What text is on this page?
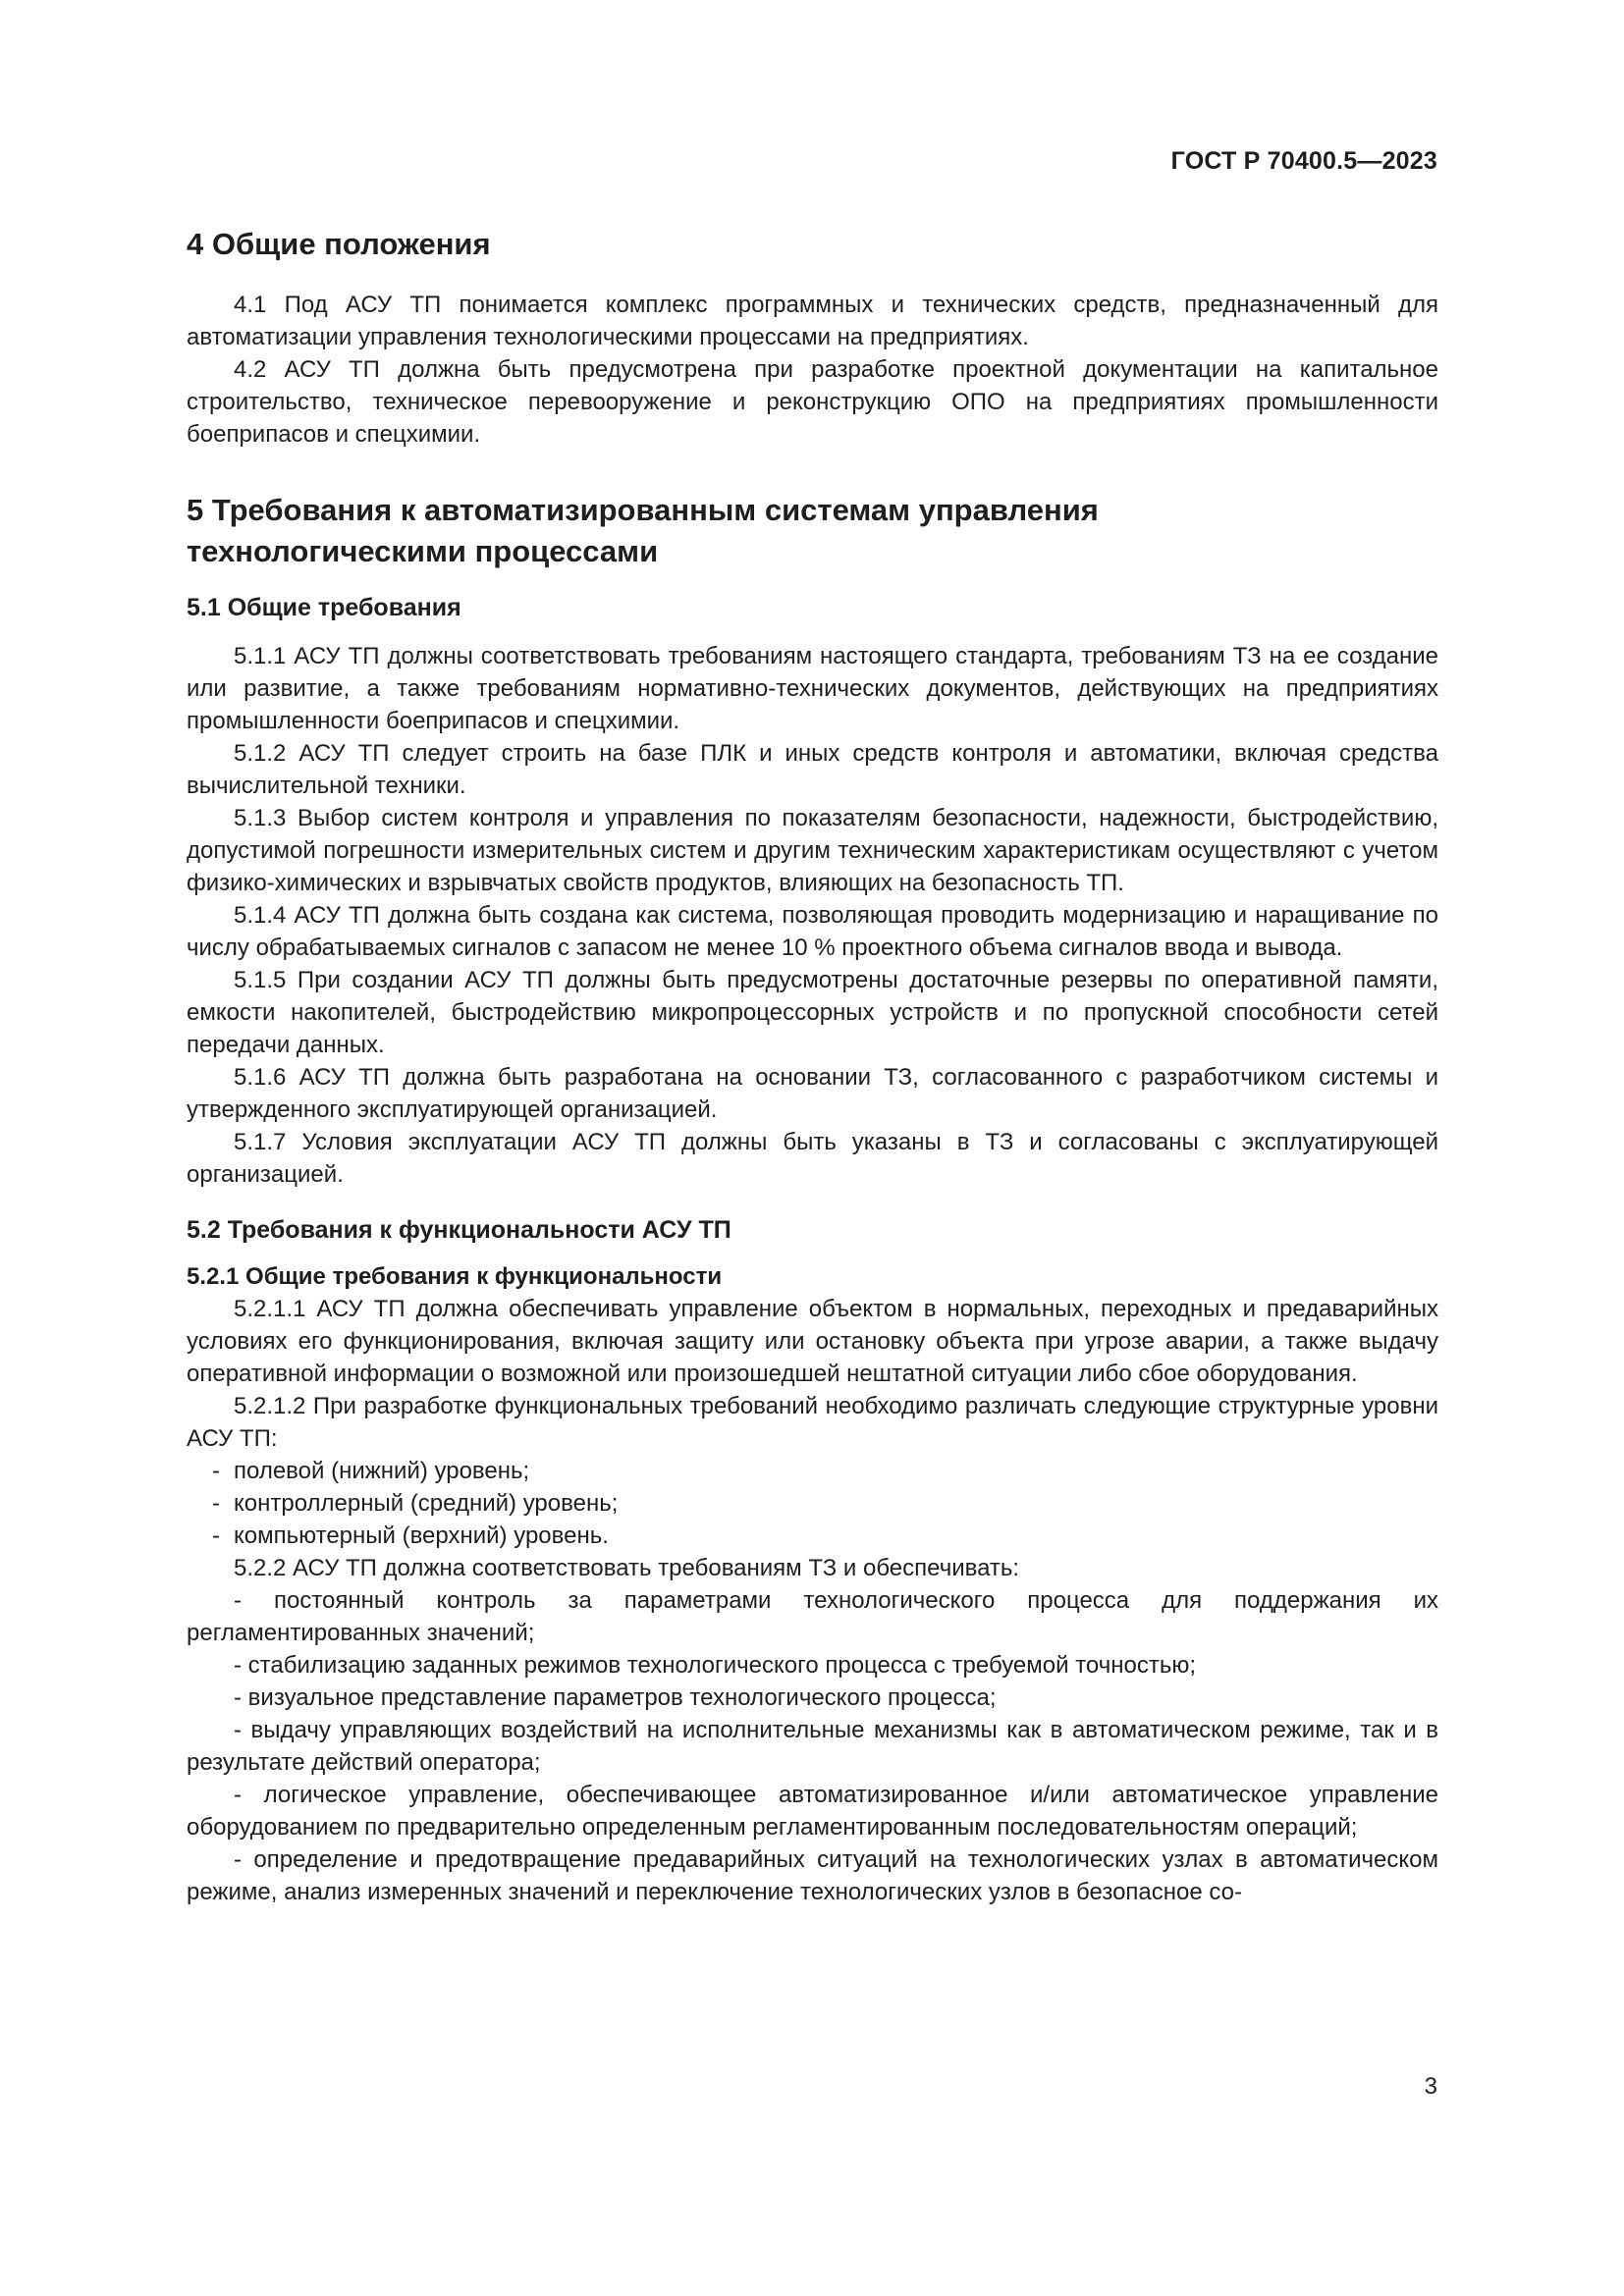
ГОСТ Р 70400.5—2023
4 Общие положения
4.1 Под АСУ ТП понимается комплекс программных и технических средств, предназначенный для автоматизации управления технологическими процессами на предприятиях.
4.2 АСУ ТП должна быть предусмотрена при разработке проектной документации на капитальное строительство, техническое перевооружение и реконструкцию ОПО на предприятиях промышленности боеприпасов и спецхимии.
5 Требования к автоматизированным системам управления
технологическими процессами
5.1 Общие требования
5.1.1 АСУ ТП должны соответствовать требованиям настоящего стандарта, требованиям ТЗ на ее создание или развитие, а также требованиям нормативно-технических документов, действующих на предприятиях промышленности боеприпасов и спецхимии.
5.1.2 АСУ ТП следует строить на базе ПЛК и иных средств контроля и автоматики, включая средства вычислительной техники.
5.1.3 Выбор систем контроля и управления по показателям безопасности, надежности, быстродействию, допустимой погрешности измерительных систем и другим техническим характеристикам осуществляют с учетом физико-химических и взрывчатых свойств продуктов, влияющих на безопасность ТП.
5.1.4 АСУ ТП должна быть создана как система, позволяющая проводить модернизацию и наращивание по числу обрабатываемых сигналов с запасом не менее 10 % проектного объема сигналов ввода и вывода.
5.1.5 При создании АСУ ТП должны быть предусмотрены достаточные резервы по оперативной памяти, емкости накопителей, быстродействию микропроцессорных устройств и по пропускной способности сетей передачи данных.
5.1.6 АСУ ТП должна быть разработана на основании ТЗ, согласованного с разработчиком системы и утвержденного эксплуатирующей организацией.
5.1.7 Условия эксплуатации АСУ ТП должны быть указаны в ТЗ и согласованы с эксплуатирующей организацией.
5.2 Требования к функциональности АСУ ТП
5.2.1 Общие требования к функциональности
5.2.1.1 АСУ ТП должна обеспечивать управление объектом в нормальных, переходных и предаварийных условиях его функционирования, включая защиту или остановку объекта при угрозе аварии, а также выдачу оперативной информации о возможной или произошедшей нештатной ситуации либо сбое оборудования.
5.2.1.2 При разработке функциональных требований необходимо различать следующие структурные уровни АСУ ТП:
- полевой (нижний) уровень;
- контроллерный (средний) уровень;
- компьютерный (верхний) уровень.
5.2.2 АСУ ТП должна соответствовать требованиям ТЗ и обеспечивать:
- постоянный контроль за параметрами технологического процесса для поддержания их регламентированных значений;
- стабилизацию заданных режимов технологического процесса с требуемой точностью;
- визуальное представление параметров технологического процесса;
- выдачу управляющих воздействий на исполнительные механизмы как в автоматическом режиме, так и в результате действий оператора;
- логическое управление, обеспечивающее автоматизированное и/или автоматическое управление оборудованием по предварительно определенным регламентированным последовательностям операций;
- определение и предотвращение предаварийных ситуаций на технологических узлах в автоматическом режиме, анализ измеренных значений и переключение технологических узлов в безопасное со-
3
